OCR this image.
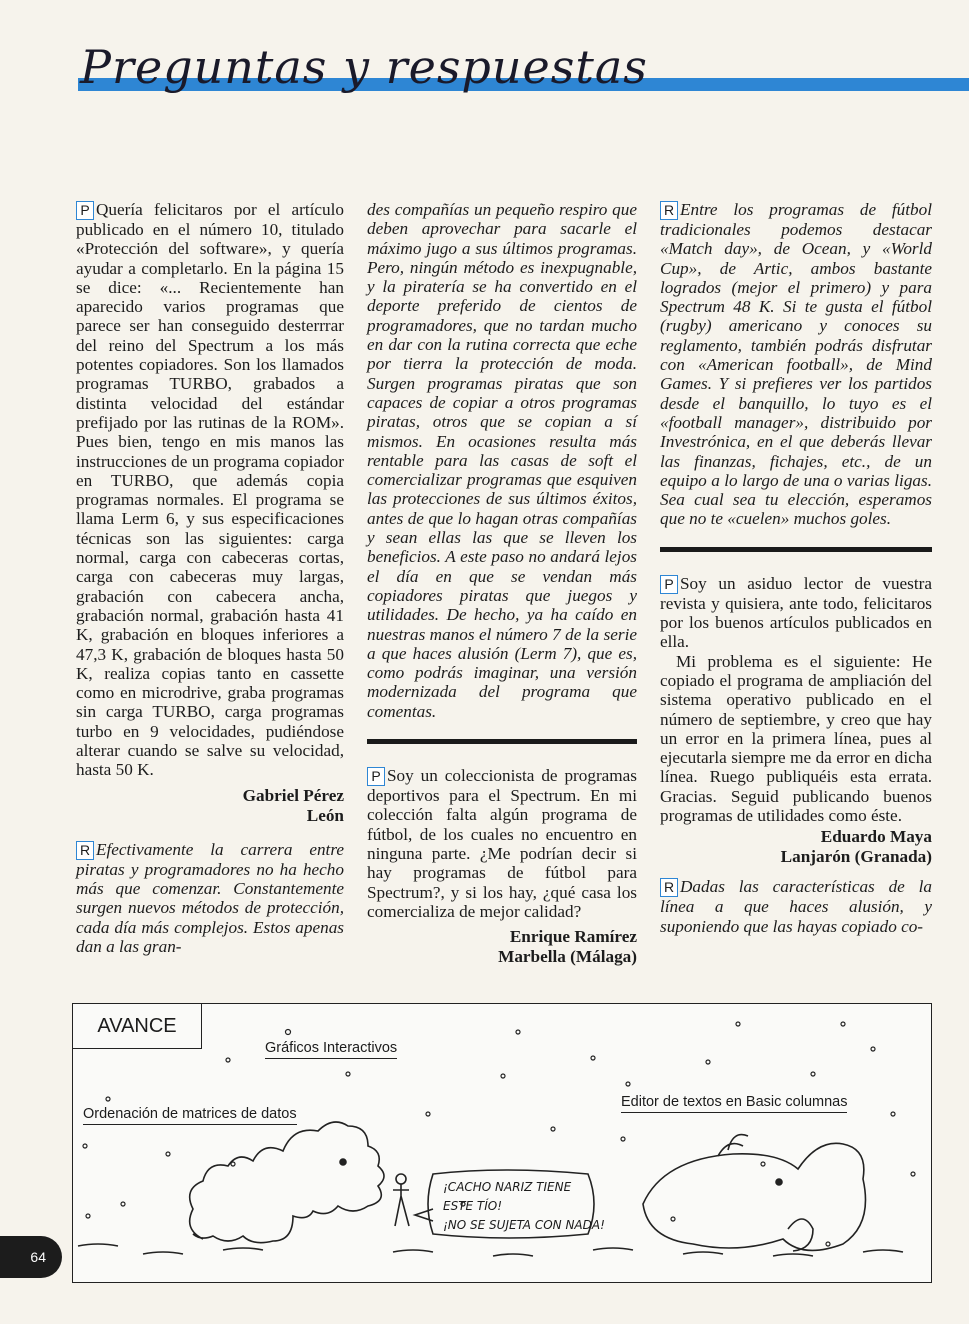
Preguntas y respuestas

P Quería felicitaros por el artículo publicado en el número 10, titulado «Protección del software», y quería ayudar a completarlo. En la página 15 se dice: «... Recientemente han aparecido varios programas que parece ser han conseguido desterrrar del reino del Spectrum a los más potentes copiadores. Son los llamados programas TURBO, grabados a distinta velocidad del estándar prefijado por las rutinas de la ROM». Pues bien, tengo en mis manos las instrucciones de un programa copiador en TURBO, que además copia programas normales. El programa se llama Lerm 6, y sus especificaciones técnicas son las siguientes: carga normal, carga con cabeceras cortas, carga con cabeceras muy largas, grabación con cabecera ancha, grabación normal, grabación hasta 41 K, grabación en bloques inferiores a 47,3 K, grabación de bloques hasta 50 K, realiza copias tanto en cassette como en microdrive, graba programas sin carga TURBO, carga programas turbo en 9 velocidades, pudiéndose alterar cuando se salve su velocidad, hasta 50 K.

Gabriel Pérez
León

R Efectivamente la carrera entre piratas y programadores no ha hecho más que comenzar. Constantemente surgen nuevos métodos de protección, cada día más complejos. Estos apenas dan a las gran-

des compañías un pequeño respiro que deben aprovechar para sacarle el máximo jugo a sus últimos programas. Pero, ningún método es inexpugnable, y la piratería se ha convertido en el deporte preferido de cientos de programadores, que no tardan mucho en dar con la rutina correcta que eche por tierra la protección de moda. Surgen programas piratas que son capaces de copiar a otros programas piratas, otros que se copian a sí mismos. En ocasiones resulta más rentable para las casas de soft el comercializar programas que esquiven las protecciones de sus últimos éxitos, antes de que lo hagan otras compañías y sean ellas las que se lleven los beneficios. A este paso no andará lejos el día en que se vendan más copiadores piratas que juegos y utilidades. De hecho, ya ha caído en nuestras manos el número 7 de la serie a que haces alusión (Lerm 7), que es, como podrás imaginar, una versión modernizada del programa que comentas.

P Soy un coleccionista de programas deportivos para el Spectrum. En mi colección falta algún programa de fútbol, de los cuales no encuentro en ninguna parte. ¿Me podrían decir si hay programas de fútbol para Spectrum?, y si los hay, ¿qué casa los comercializa de mejor calidad?

Enrique Ramírez
Marbella (Málaga)

R Entre los programas de fútbol tradicionales podemos destacar «Match day», de Ocean, y «World Cup», de Artic, ambos bastante logrados (mejor el primero) y para Spectrum 48 K. Si te gusta el fútbol (rugby) americano y conoces su reglamento, también podrás disfrutar con «American football», de Mind Games. Y si prefieres ver los partidos desde el banquillo, lo tuyo es el «football manager», distribuido por Investrónica, en el que deberás llevar las finanzas, fichajes, etc., de un equipo a lo largo de una o varias ligas. Sea cual sea tu elección, esperamos que no te «cuelen» muchos goles.

P Soy un asiduo lector de vuestra revista y quisiera, ante todo, felicitaros por los buenos artículos publicados en ella.

Mi problema es el siguiente: He copiado el programa de ampliación del sistema operativo publicado en el número de septiembre, y creo que hay un error en la primera línea, pues al ejecutarla siempre me da error en dicha línea. Ruego publiquéis esta errata. Gracias. Seguid publicando buenos programas de utilidades como éste.

Eduardo Maya
Lanjarón (Granada)

R Dadas las características de la línea a que haces alusión, y suponiendo que las hayas copiado co-

AVANCE
Gráficos Interactivos
Ordenación de matrices de datos
Editor de textos en Basic columnas
¡CACHO NARIZ TIENE
ESTE TÍO!
¡NO SE SUJETA CON NADA!
64
